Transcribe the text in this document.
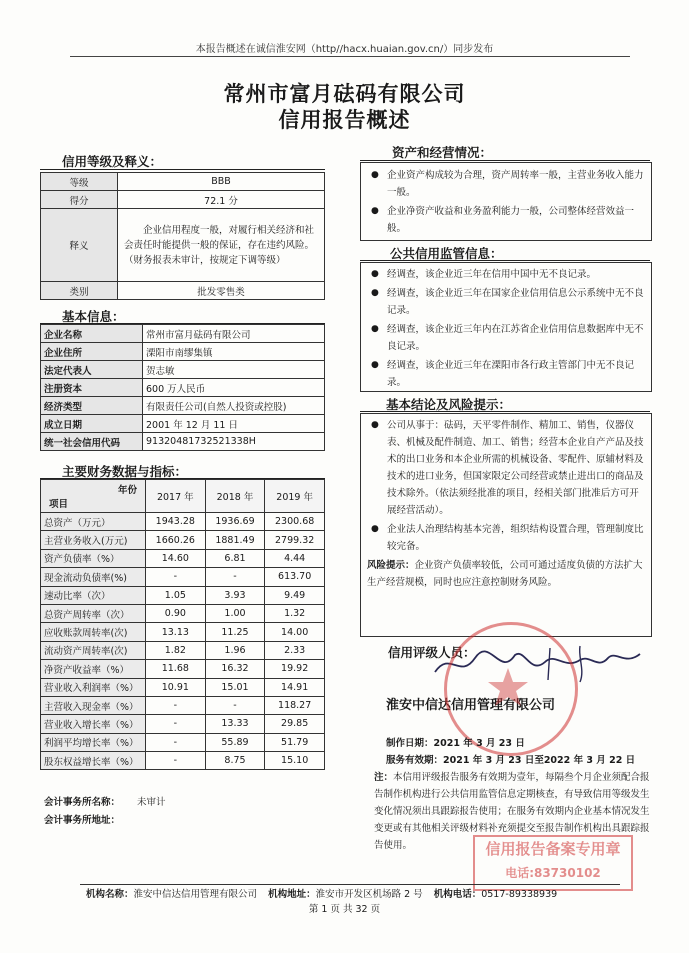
本报告概述在诚信淮安网（http//hacx.huaian.gov.cn/）同步发布
常州市富月砝码有限公司
信用报告概述
信用等级及释义：
等级	BBB
得分	72.1 分
释义	企业信用程度一般，对履行相关经济和社会责任时能提供一般的保证，存在违约风险。（财务报表未审计，按规定下调等级）
类别	批发零售类
基本信息：
企业名称	常州市富月砝码有限公司
企业住所	溧阳市南缪集镇
法定代表人	贺志敏
注册资本	600 万人民币
经济类型	有限责任公司(自然人投资或控股)
成立日期	2001 年 12 月 11 日
统一社会信用代码	91320481732521338H
主要财务数据与指标：
年份
项目	2017 年	2018 年	2019 年
总资产（万元）	1943.28	1936.69	2300.68
主营业务收入(万元)	1660.26	1881.49	2799.32
资产负债率（%）	14.60	6.81	4.44
现金流动负债率(%)	-	-	613.70
速动比率（次）	1.05	3.93	9.49
总资产周转率（次）	0.90	1.00	1.32
应收账款周转率(次)	13.13	11.25	14.00
流动资产周转率(次)	1.82	1.96	2.33
净资产收益率（%）	11.68	16.32	19.92
营业收入利润率（%）	10.91	15.01	14.91
主营收入现金率（%）	-	-	118.27
营业收入增长率（%）	-	13.33	29.85
利润平均增长率（%）	-	55.89	51.79
股东权益增长率（%）	-	8.75	15.10
会计事务所名称： 未审计
会计事务所地址：
资产和经营情况：
● 企业资产构成较为合理，资产周转率一般，主营业务收入能力一般。
● 企业净资产收益和业务盈利能力一般，公司整体经营效益一般。
公共信用监管信息：
● 经调查，该企业近三年在信用中国中无不良记录。
● 经调查，该企业近三年在国家企业信用信息公示系统中无不良记录。
● 经调查，该企业近三年内在江苏省企业信用信息数据库中无不良记录。
● 经调查，该企业近三年在溧阳市各行政主管部门中无不良记录。
基本结论及风险提示：
● 公司从事于：砝码，天平零件制作、精加工、销售，仪器仪表、机械及配件制造、加工、销售；经营本企业自产产品及技术的出口业务和本企业所需的机械设备、零配件、原辅材料及技术的进口业务，但国家限定公司经营或禁止进出口的商品及技术除外。（依法须经批准的项目，经相关部门批准后方可开展经营活动）。
● 企业法人治理结构基本完善，组织结构设置合理，管理制度比较完备。
风险提示：企业资产负债率较低，公司可通过适度负债的方法扩大生产经营规模，同时也应注意控制财务风险。
信用评级人员：
淮安中信达信用管理有限公司
制作日期：2021 年 3 月 23 日
服务有效期：2021 年 3 月 23 日至2022 年 3 月 22 日
注：本信用评级报告服务有效期为壹年，每隔叁个月企业须配合报告制作机构进行公共信用监管信息定期核查，有导致信用等级发生变化情况须出具跟踪报告使用；在服务有效期内企业基本情况发生变更或有其他相关评级材料补充须提交至报告制作机构出具跟踪报告使用。	信用报告备案专用章
电话:83730102
机构名称：淮安中信达信用管理有限公司 机构地址：淮安市开发区机场路 2 号 机构电话：0517-89338939
第 1 页 共 32 页
